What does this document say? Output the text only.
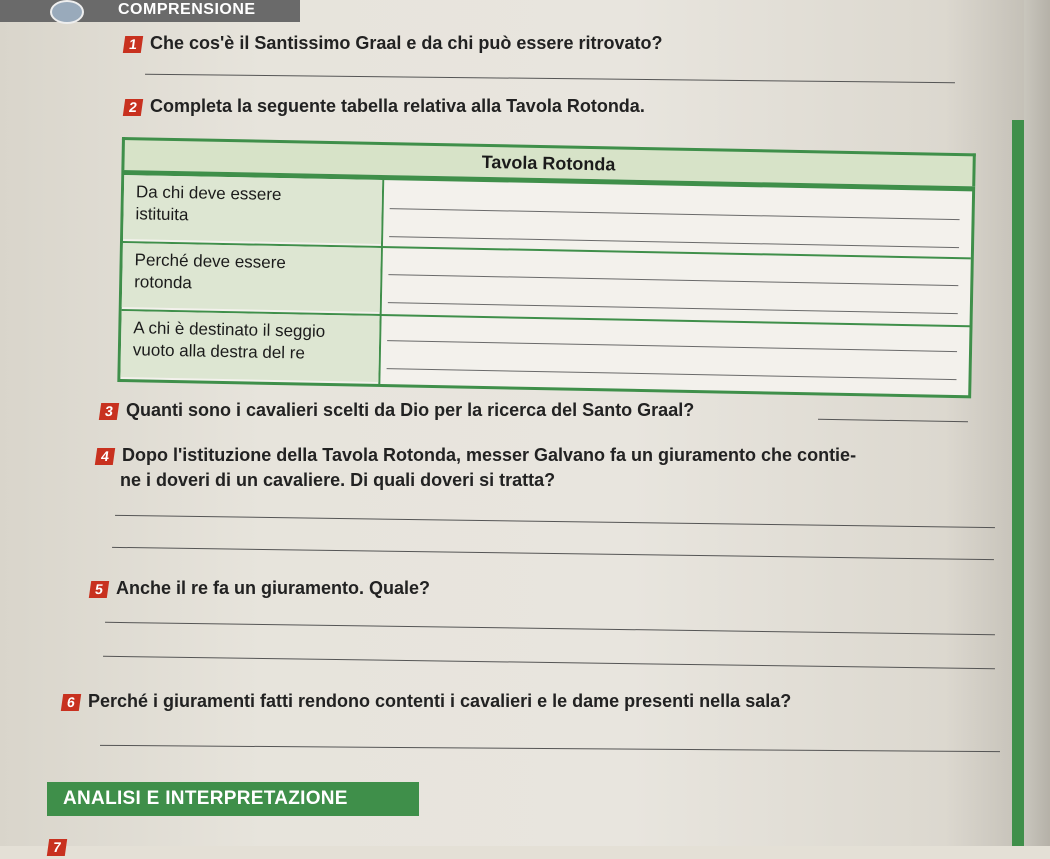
COMPRENSIONE
1 Che cos'è il Santissimo Graal e da chi può essere ritrovato?
2 Completa la seguente tabella relativa alla Tavola Rotonda.
Tavola Rotonda
Da chi deve essere
istituita
Perché deve essere
rotonda
A chi è destinato il seggio
vuoto alla destra del re
3 Quanti sono i cavalieri scelti da Dio per la ricerca del Santo Graal?
4 Dopo l'istituzione della Tavola Rotonda, messer Galvano fa un giuramento che contie-
ne i doveri di un cavaliere. Di quali doveri si tratta?
5 Anche il re fa un giuramento. Quale?
6 Perché i giuramenti fatti rendono contenti i cavalieri e le dame presenti nella sala?
ANALISI E INTERPRETAZIONE
7
